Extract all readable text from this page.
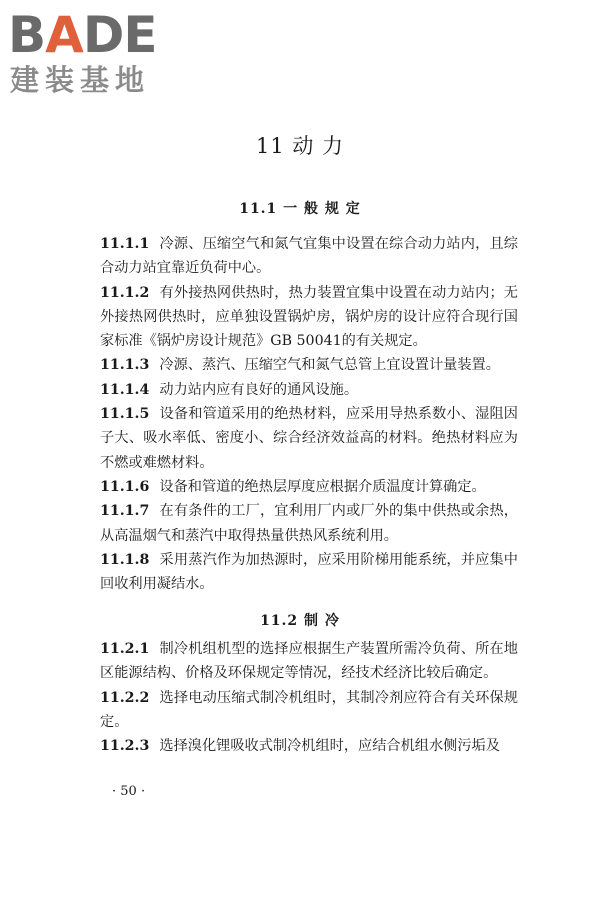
BADE
建装基地
11 动 力
11.1 一 般 规 定

11.1.1 冷源、压缩空气和氮气宜集中设置在综合动力站内，且综合动力站宜靠近负荷中心。

11.1.2 有外接热网供热时，热力装置宜集中设置在动力站内；无外接热网供热时，应单独设置锅炉房，锅炉房的设计应符合现行国家标准《锅炉房设计规范》GB 50041的有关规定。

11.1.3 冷源、蒸汽、压缩空气和氮气总管上宜设置计量装置。

11.1.4 动力站内应有良好的通风设施。

11.1.5 设备和管道采用的绝热材料，应采用导热系数小、湿阻因子大、吸水率低、密度小、综合经济效益高的材料。绝热材料应为不燃或难燃材料。

11.1.6 设备和管道的绝热层厚度应根据介质温度计算确定。

11.1.7 在有条件的工厂，宜利用厂内或厂外的集中供热或余热，从高温烟气和蒸汽中取得热量供热风系统利用。

11.1.8 采用蒸汽作为加热源时，应采用阶梯用能系统，并应集中回收利用凝结水。

11.2 制 冷

11.2.1 制冷机组机型的选择应根据生产装置所需冷负荷、所在地区能源结构、价格及环保规定等情况，经技术经济比较后确定。

11.2.2 选择电动压缩式制冷机组时，其制冷剂应符合有关环保规定。

11.2.3 选择溴化锂吸收式制冷机组时，应结合机组水侧污垢及

· 50 ·
